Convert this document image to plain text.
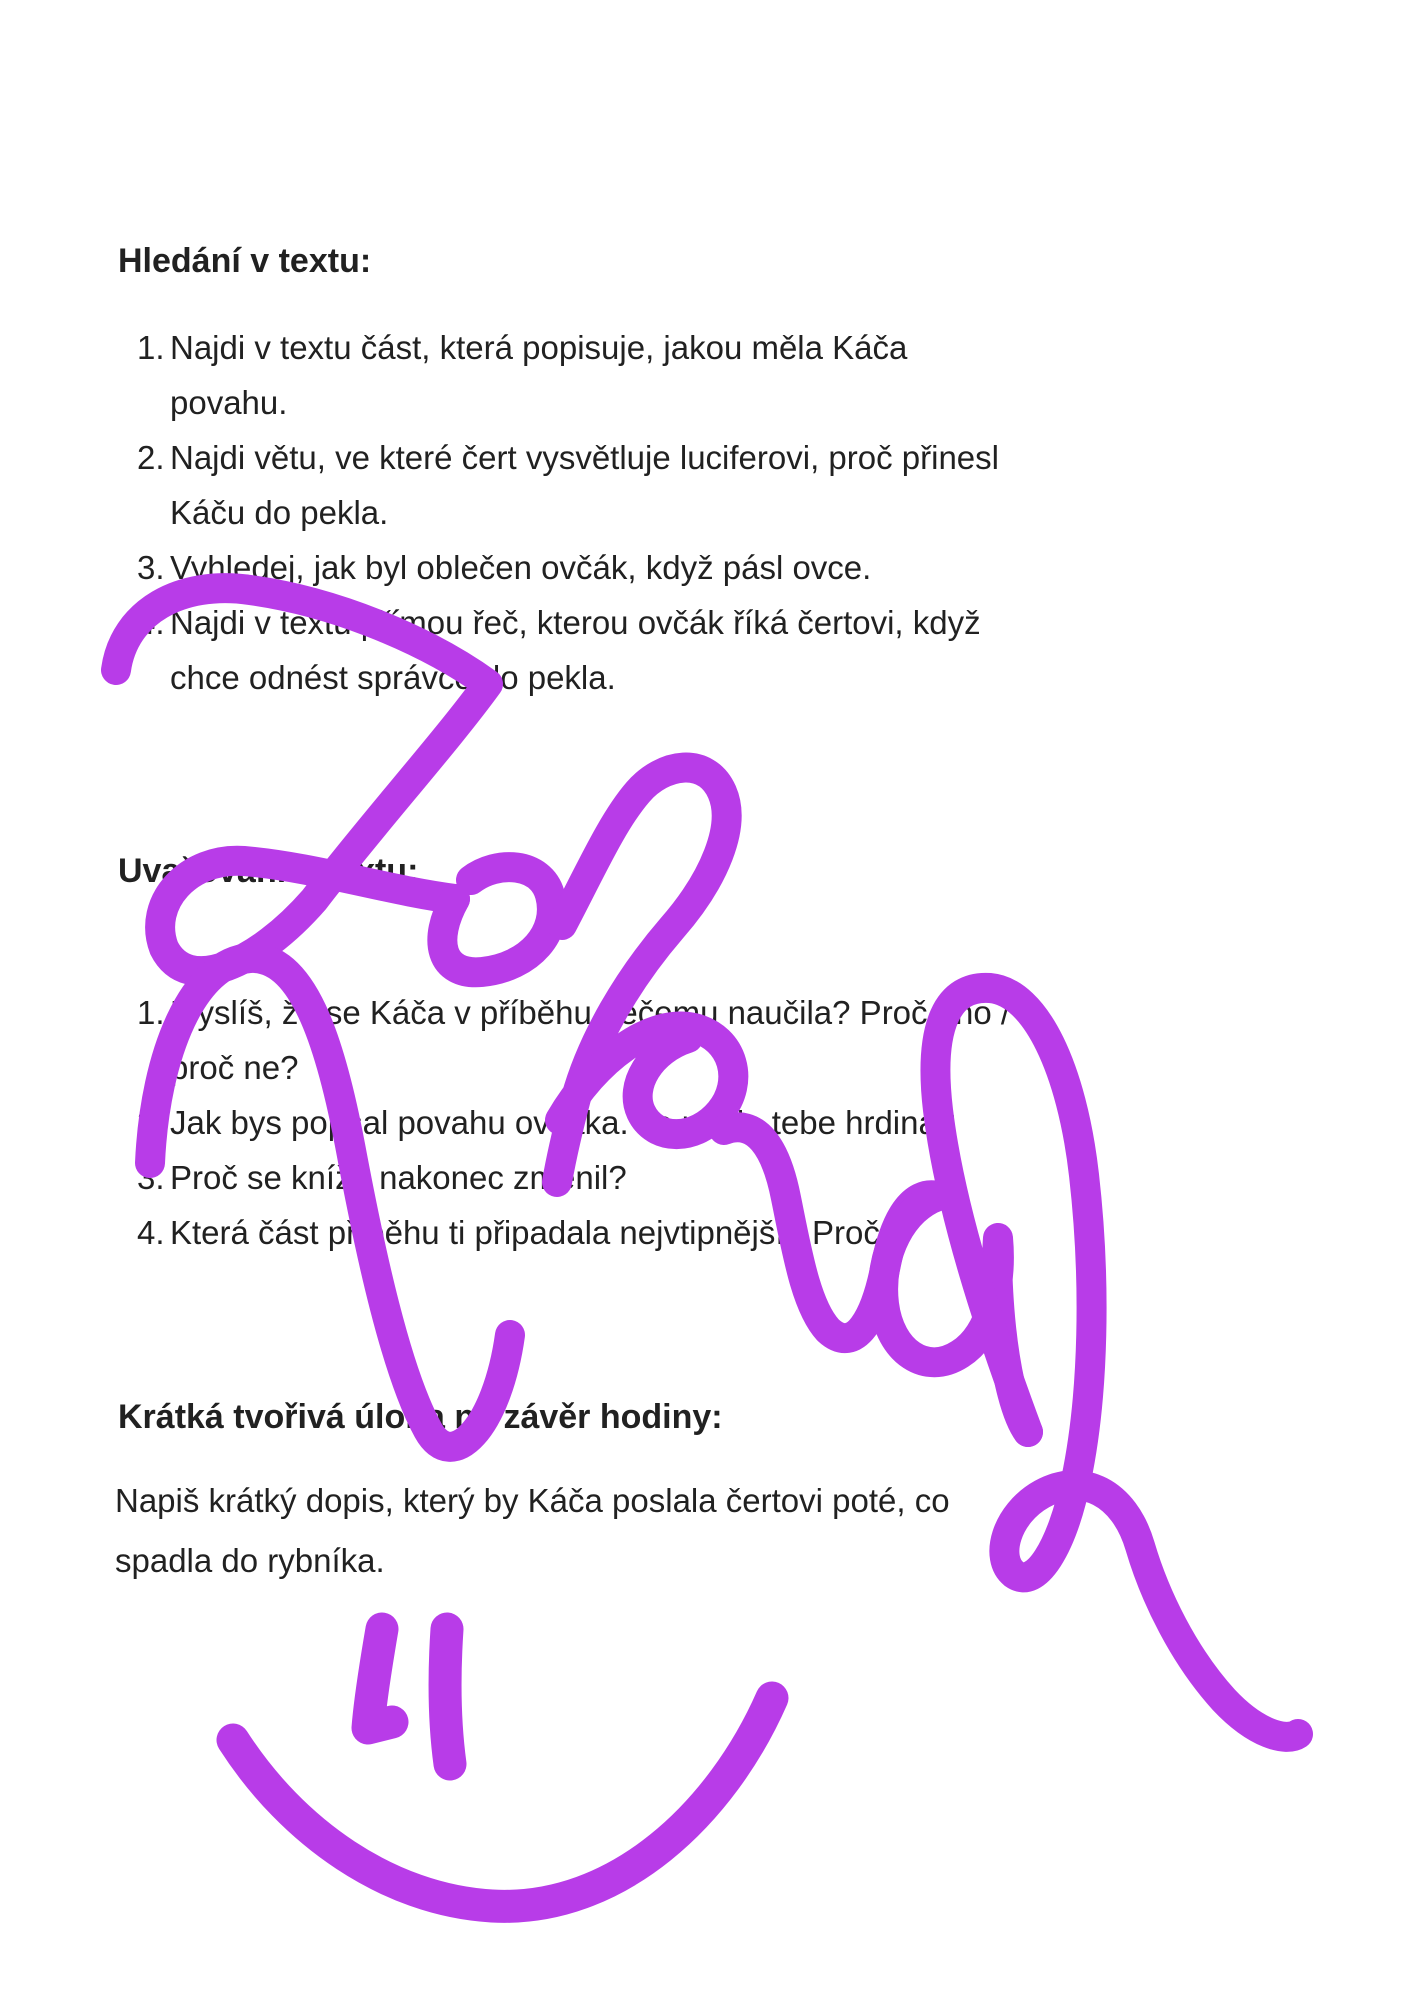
Hledání v textu:
1. Najdi v textu část, která popisuje, jakou měla Káča
povahu.
2. Najdi větu, ve které čert vysvětluje luciferovi, proč přinesl
Káču do pekla.
3. Vyhledej, jak byl oblečen ovčák, když pásl ovce.
4. Najdi v textu přímou řeč, kterou ovčák říká čertovi, když
chce odnést správce do pekla.
Uvažování o textu:
1. Myslíš, že se Káča v příběhu něčemu naučila? Proč ano /
proč ne?
2. Jak bys popsal povahu ovčáka. Je podle tebe hrdina?
3. Proč se kníže nakonec změnil?
4. Která část příběhu ti připadala nejvtipnější? Proč?
Krátká tvořivá úloha na závěr hodiny:
Napiš krátký dopis, který by Káča poslala čertovi poté, co
spadla do rybníka.
